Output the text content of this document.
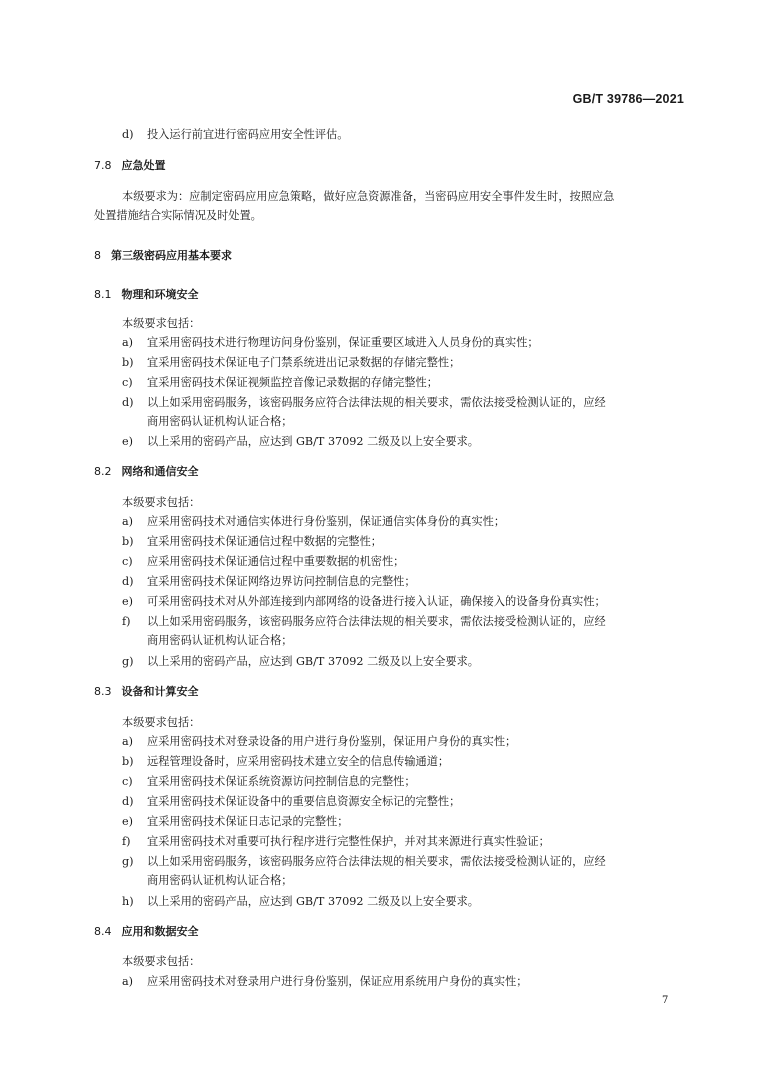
GB/T 39786—2021
d) 投入运行前宜进行密码应用安全性评估。
7.8 应急处置
本级要求为：应制定密码应用应急策略，做好应急资源准备，当密码应用安全事件发生时，按照应急
处置措施结合实际情况及时处置。
8 第三级密码应用基本要求
8.1 物理和环境安全
本级要求包括：
a) 宜采用密码技术进行物理访问身份鉴别，保证重要区域进入人员身份的真实性；
b) 宜采用密码技术保证电子门禁系统进出记录数据的存储完整性；
c) 宜采用密码技术保证视频监控音像记录数据的存储完整性；
d) 以上如采用密码服务，该密码服务应符合法律法规的相关要求，需依法接受检测认证的，应经
商用密码认证机构认证合格；
e) 以上采用的密码产品，应达到 GB/T 37092 二级及以上安全要求。
8.2 网络和通信安全
本级要求包括：
a) 应采用密码技术对通信实体进行身份鉴别，保证通信实体身份的真实性；
b) 宜采用密码技术保证通信过程中数据的完整性；
c) 应采用密码技术保证通信过程中重要数据的机密性；
d) 宜采用密码技术保证网络边界访问控制信息的完整性；
e) 可采用密码技术对从外部连接到内部网络的设备进行接入认证，确保接入的设备身份真实性；
f) 以上如采用密码服务，该密码服务应符合法律法规的相关要求，需依法接受检测认证的，应经
商用密码认证机构认证合格；
g) 以上采用的密码产品，应达到 GB/T 37092 二级及以上安全要求。
8.3 设备和计算安全
本级要求包括：
a) 应采用密码技术对登录设备的用户进行身份鉴别，保证用户身份的真实性；
b) 远程管理设备时，应采用密码技术建立安全的信息传输通道；
c) 宜采用密码技术保证系统资源访问控制信息的完整性；
d) 宜采用密码技术保证设备中的重要信息资源安全标记的完整性；
e) 宜采用密码技术保证日志记录的完整性；
f) 宜采用密码技术对重要可执行程序进行完整性保护，并对其来源进行真实性验证；
g) 以上如采用密码服务，该密码服务应符合法律法规的相关要求，需依法接受检测认证的，应经
商用密码认证机构认证合格；
h) 以上采用的密码产品，应达到 GB/T 37092 二级及以上安全要求。
8.4 应用和数据安全
本级要求包括：
a) 应采用密码技术对登录用户进行身份鉴别，保证应用系统用户身份的真实性；
7
